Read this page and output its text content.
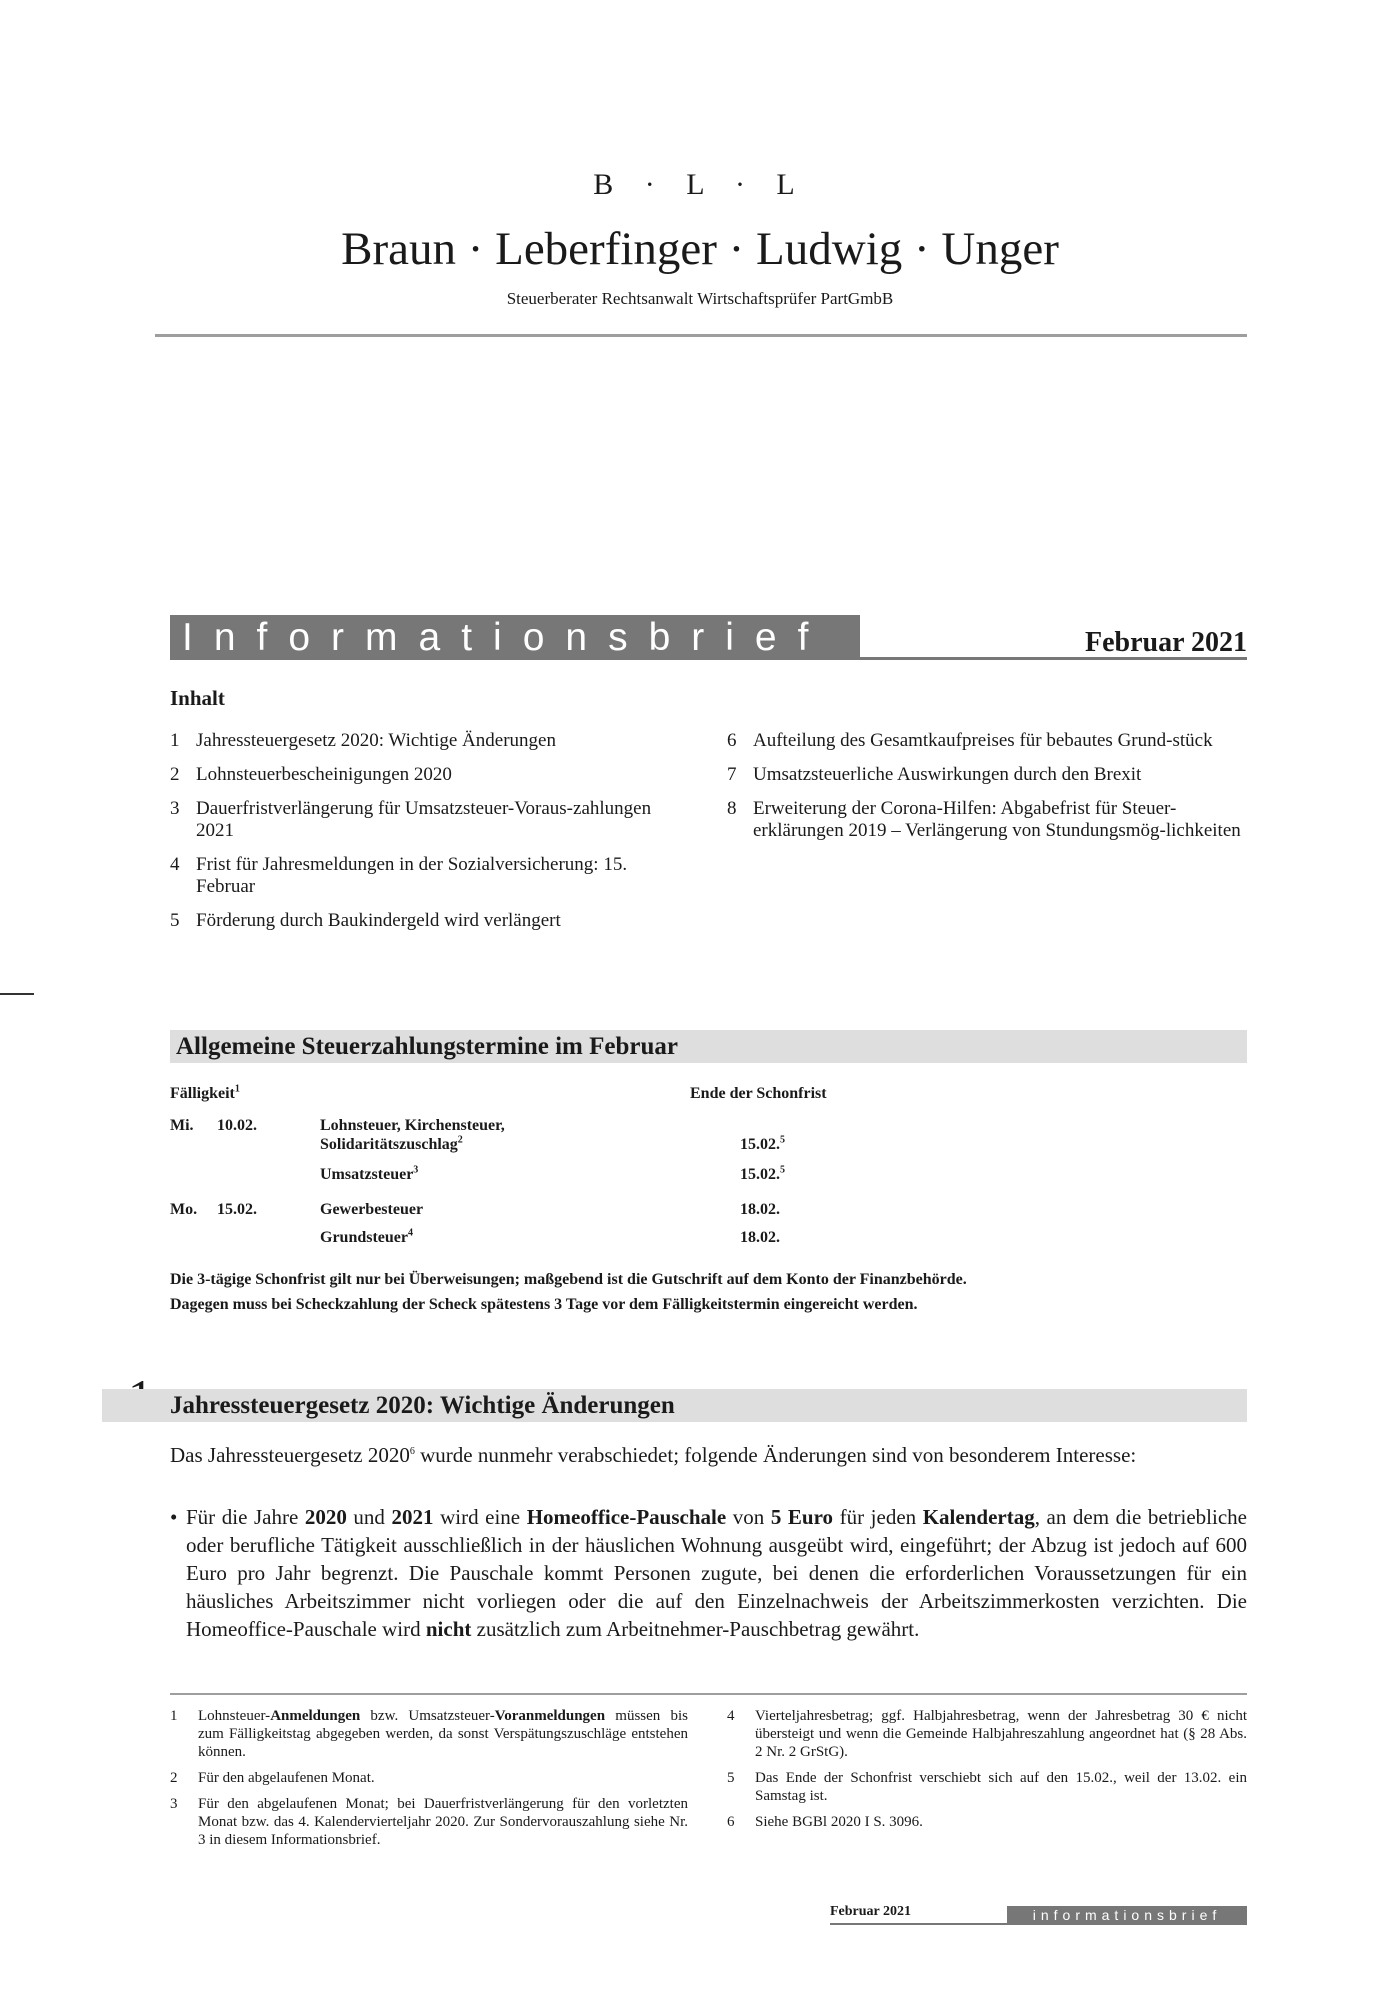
B · L · L
Braun · Leberfinger · Ludwig · Unger
Steuerberater Rechtsanwalt Wirtschaftsprüfer PartGmbB
Informationsbrief	Februar 2021
Inhalt
1 Jahressteuergesetz 2020: Wichtige Änderungen
2 Lohnsteuerbescheinigungen 2020
3 Dauerfristverlängerung für Umsatzsteuer-Voraus-zahlungen 2021
4 Frist für Jahresmeldungen in der Sozialversicherung: 15. Februar
5 Förderung durch Baukindergeld wird verlängert
6 Aufteilung des Gesamtkaufpreises für bebautes Grund-stück
7 Umsatzsteuerliche Auswirkungen durch den Brexit
8 Erweiterung der Corona-Hilfen: Abgabefrist für Steuer-erklärungen 2019 – Verlängerung von Stundungsmög-lichkeiten
Allgemeine Steuerzahlungstermine im Februar
Fälligkeit$^1$	Ende der Schonfrist
Mi. 10.02.	Lohnsteuer, Kirchensteuer,
Solidaritätszuschlag$^2$	15.02.$^5$
Umsatzsteuer$^3$	15.02.$^5$
Mo. 15.02.	Gewerbesteuer	18.02.
Grundsteuer$^4$	18.02.
Die 3-tägige Schonfrist gilt nur bei Überweisungen; maßgebend ist die Gutschrift auf dem Konto der Finanzbehörde.
Dagegen muss bei Scheckzahlung der Scheck spätestens 3 Tage vor dem Fälligkeitstermin eingereicht werden.
Jahressteuergesetz 2020: Wichtige Änderungen
Das Jahressteuergesetz 2020$^6$ wurde nunmehr verabschiedet; folgende Änderungen sind von besonderem Interesse:
Für die Jahre 2020 und 2021 wird eine Homeoffice-Pauschale von 5 Euro für jeden Kalendertag, an dem die betriebliche oder berufliche Tätigkeit ausschließlich in der häuslichen Wohnung ausgeübt wird, eingeführt; der Abzug ist jedoch auf 600 Euro pro Jahr begrenzt. Die Pauschale kommt Personen zugute, bei denen die erforderlichen Voraussetzungen für ein häusliches Arbeitszimmer nicht vorliegen oder die auf den Einzelnachweis der Arbeitszimmerkosten verzichten. Die Homeoffice-Pauschale wird nicht zusätzlich zum Arbeitnehmer-Pauschbetrag gewährt.
•
1 Lohnsteuer-Anmeldungen bzw. Umsatzsteuer-Voranmeldungen müssen bis zum Fälligkeitstag abgegeben werden, da sonst Verspätungszuschläge entstehen können.
2 Für den abgelaufenen Monat.
3 Für den abgelaufenen Monat; bei Dauerfristverlängerung für den vorletzten Monat bzw. das 4. Kalendervierteljahr 2020. Zur Sondervorauszahlung siehe Nr. 3 in diesem Informationsbrief.
4 Vierteljahresbetrag; ggf. Halbjahresbetrag, wenn der Jahresbetrag 30 € nicht übersteigt und wenn die Gemeinde Halbjahreszahlung angeordnet hat (§ 28 Abs. 2 Nr. 2 GrStG).
5 Das Ende der Schonfrist verschiebt sich auf den 15.02., weil der 13.02. ein Samstag ist.
6 Siehe BGBl 2020 I S. 3096.
Februar 2021	informationsbrief
